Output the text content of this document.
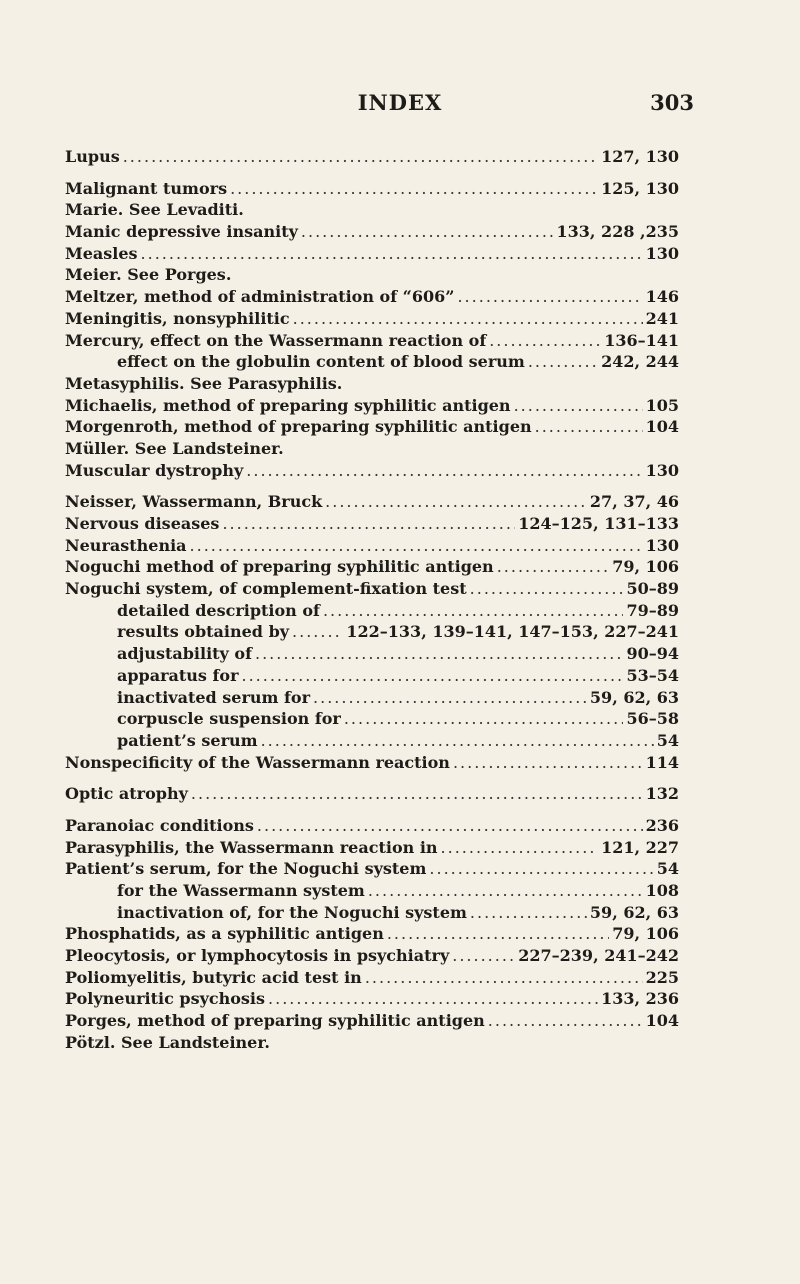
INDEX	303
Lupus .....	127, 130
Malignant tumors .....	125, 130
Marie. See Levaditi.
Manic depressive insanity .....	133, 228 ,235
Measles .....	130
Meier. See Porges.
Meltzer, method of administration of “606” .....	146
Meningitis, nonsyphilitic .....	241
Mercury, effect on the Wassermann reaction of .....	136–141
effect on the globulin content of blood serum .....	242, 244
Metasyphilis. See Parasyphilis.
Michaelis, method of preparing syphilitic antigen .....	105
Morgenroth, method of preparing syphilitic antigen .....	104
Müller. See Landsteiner.
Muscular dystrophy .....	130
Neisser, Wassermann, Bruck .....	27, 37, 46
Nervous diseases .....	124–125, 131–133
Neurasthenia .....	130
Noguchi method of preparing syphilitic antigen .....	79, 106
Noguchi system, of complement-fixation test .....	50–89
detailed description of .....	79–89
results obtained by .....	122–133, 139–141, 147–153, 227–241
adjustability of .....	90–94
apparatus for .....	53–54
inactivated serum for .....	59, 62, 63
corpuscle suspension for .....	56–58
patient’s serum .....	54
Nonspecificity of the Wassermann reaction .....	114
Optic atrophy .....	132
Paranoiac conditions .....	236
Parasyphilis, the Wassermann reaction in .....	121, 227
Patient’s serum, for the Noguchi system .....	54
for the Wassermann system .....	108
inactivation of, for the Noguchi system .....	59, 62, 63
Phosphatids, as a syphilitic antigen .....	79, 106
Pleocytosis, or lymphocytosis in psychiatry .....	227–239, 241–242
Poliomyelitis, butyric acid test in .....	225
Polyneuritic psychosis .....	133, 236
Porges, method of preparing syphilitic antigen .....	104
Pötzl. See Landsteiner.
